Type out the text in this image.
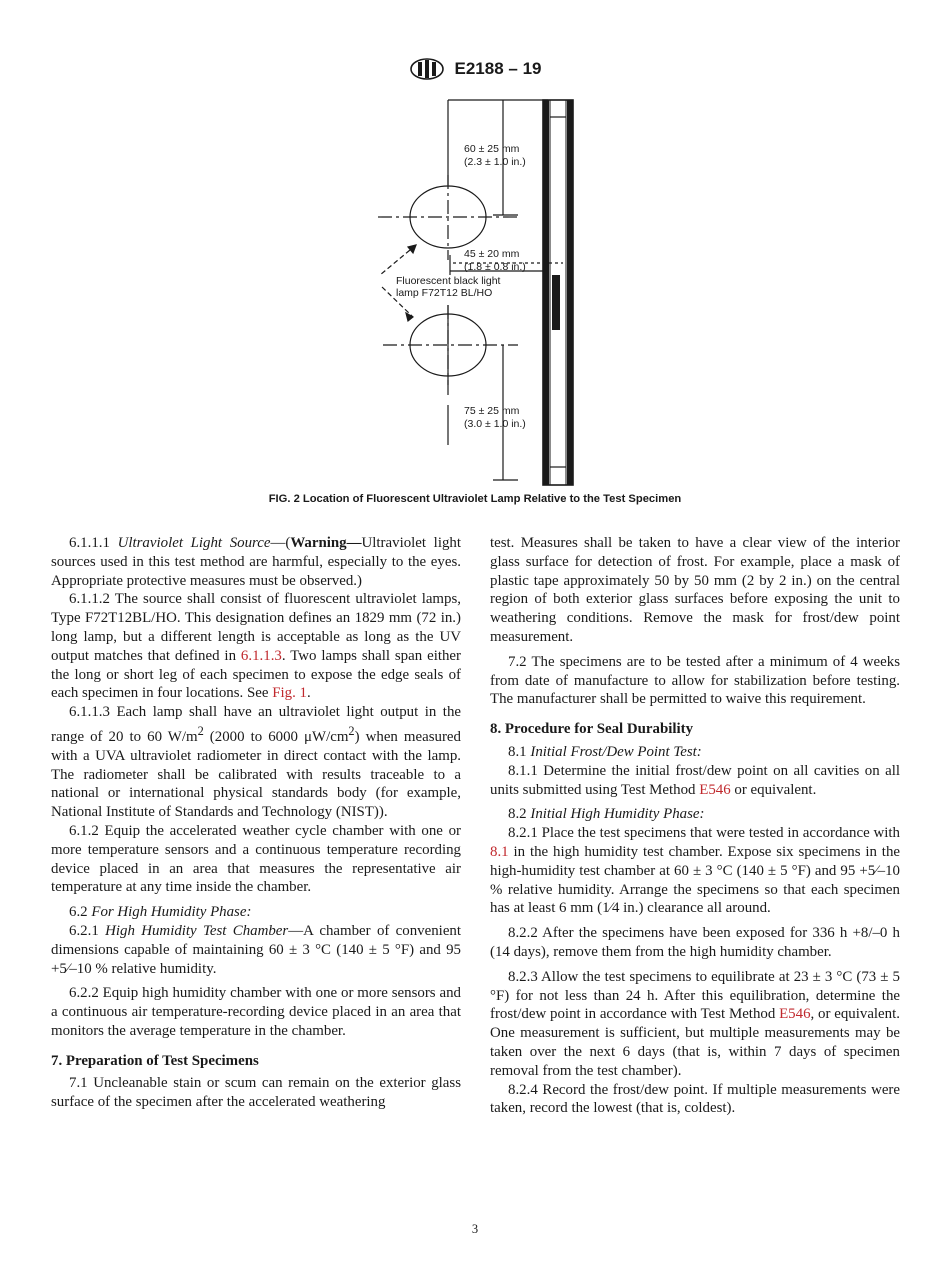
E2188 – 19
60 ± 25 mm
(2.3 ± 1.0 in.)
45 ± 20 mm
(1.8 ± 0.8 in.)
Fluorescent black light
lamp F72T12 BL/HO
75 ± 25 mm
(3.0 ± 1.0 in.)
FIG. 2 Location of Fluorescent Ultraviolet Lamp Relative to the Test Specimen

6.1.1.1 Ultraviolet Light Source—(Warning—Ultraviolet light sources used in this test method are harmful, especially to the eyes. Appropriate protective measures must be observed.)

6.1.1.2 The source shall consist of fluorescent ultraviolet lamps, Type F72T12BL/HO. This designation defines an 1829 mm (72 in.) long lamp, but a different length is acceptable as long as the UV output matches that defined in 6.1.1.3. Two lamps shall span either the long or short leg of each specimen to expose the edge seals of each specimen in four locations. See Fig. 1.

6.1.1.3 Each lamp shall have an ultraviolet light output in the range of 20 to 60 $W/m^2$ (2000 to 6000 $\mu W/cm^2$) when measured with a UVA ultraviolet radiometer in direct contact with the lamp. The radiometer shall be calibrated with results traceable to a national or international physical standards body (for example, National Institute of Standards and Technology (NIST)).

6.1.2 Equip the accelerated weather cycle chamber with one or more temperature sensors and a continuous temperature recording device placed in an area that measures the representative air temperature at any time inside the chamber.

6.2 For High Humidity Phase:

6.2.1 High Humidity Test Chamber—A chamber of convenient dimensions capable of maintaining 60 ± 3 °C (140 ± 5 °F) and 95 +5⁄–10 % relative humidity.

6.2.2 Equip high humidity chamber with one or more sensors and a continuous air temperature-recording device placed in an area that monitors the average temperature in the chamber.

7. Preparation of Test Specimens

7.1 Uncleanable stain or scum can remain on the exterior glass surface of the specimen after the accelerated weathering

test. Measures shall be taken to have a clear view of the interior glass surface for detection of frost. For example, place a mask of plastic tape approximately 50 by 50 mm (2 by 2 in.) on the central region of both exterior glass surfaces before exposing the unit to weathering conditions. Remove the mask for frost/dew point measurement.

7.2 The specimens are to be tested after a minimum of 4 weeks from date of manufacture to allow for stabilization before testing. The manufacturer shall be permitted to waive this requirement.

8. Procedure for Seal Durability

8.1 Initial Frost/Dew Point Test:

8.1.1 Determine the initial frost/dew point on all cavities on all units submitted using Test Method E546 or equivalent.

8.2 Initial High Humidity Phase:

8.2.1 Place the test specimens that were tested in accordance with 8.1 in the high humidity test chamber. Expose six specimens in the high-humidity test chamber at 60 ± 3 °C (140 ± 5 °F) and 95 +5⁄–10 % relative humidity. Arrange the specimens so that each specimen has at least 6 mm (1⁄4 in.) clearance all around.

8.2.2 After the specimens have been exposed for 336 h +8/–0 h (14 days), remove them from the high humidity chamber.

8.2.3 Allow the test specimens to equilibrate at 23 ± 3 °C (73 ± 5 °F) for not less than 24 h. After this equilibration, determine the frost/dew point in accordance with Test Method E546, or equivalent. One measurement is sufficient, but multiple measurements may be taken over the next 6 days (that is, within 7 days of specimen removal from the test chamber).

8.2.4 Record the frost/dew point. If multiple measurements were taken, record the lowest (that is, coldest).

3
